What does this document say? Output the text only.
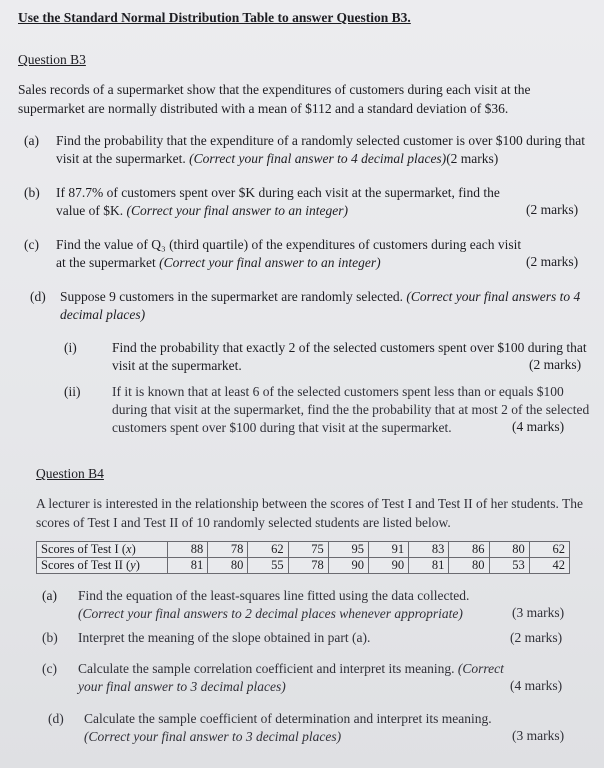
Use the Standard Normal Distribution Table to answer Question B3.
Question B3
Sales records of a supermarket show that the expenditures of customers during each visit at the supermarket are normally distributed with a mean of $112 and a standard deviation of $36.
(a) Find the probability that the expenditure of a randomly selected customer is over $100 during that visit at the supermarket. (Correct your final answer to 4 decimal places)(2 marks)
(b) If 87.7% of customers spent over $K during each visit at the supermarket, find the value of $K. (Correct your final answer to an integer)	(2 marks)
(c) Find the value of Q₃ (third quartile) of the expenditures of customers during each visit at the supermarket (Correct your final answer to an integer)	(2 marks)
(d) Suppose 9 customers in the supermarket are randomly selected. (Correct your final answers to 4 decimal places)
(i)	Find the probability that exactly 2 of the selected customers spent over $100 during that visit at the supermarket.	(2 marks)
(ii) If it is known that at least 6 of the selected customers spent less than or equals $100 during that visit at the supermarket, find the the probability that at most 2 of the selected customers spent over $100 during that visit at the supermarket.	(4 marks)
Question B4
A lecturer is interested in the relationship between the scores of Test I and Test II of her students. The scores of Test I and Test II of 10 randomly selected students are listed below.
Scores of Test I (x)	88	78	62	75	95	91	83	86	80	62
Scores of Test II (y)	81	80	55	78	90	90	81	80	53	42
(a) Find the equation of the least-squares line fitted using the data collected. (Correct your final answers to 2 decimal places whenever appropriate)	(3 marks)
(b) Interpret the meaning of the slope obtained in part (a).	(2 marks)
(c) Calculate the sample correlation coefficient and interpret its meaning. (Correct your final answer to 3 decimal places)	(4 marks)
(d) Calculate the sample coefficient of determination and interpret its meaning. (Correct your final answer to 3 decimal places)	(3 marks)
